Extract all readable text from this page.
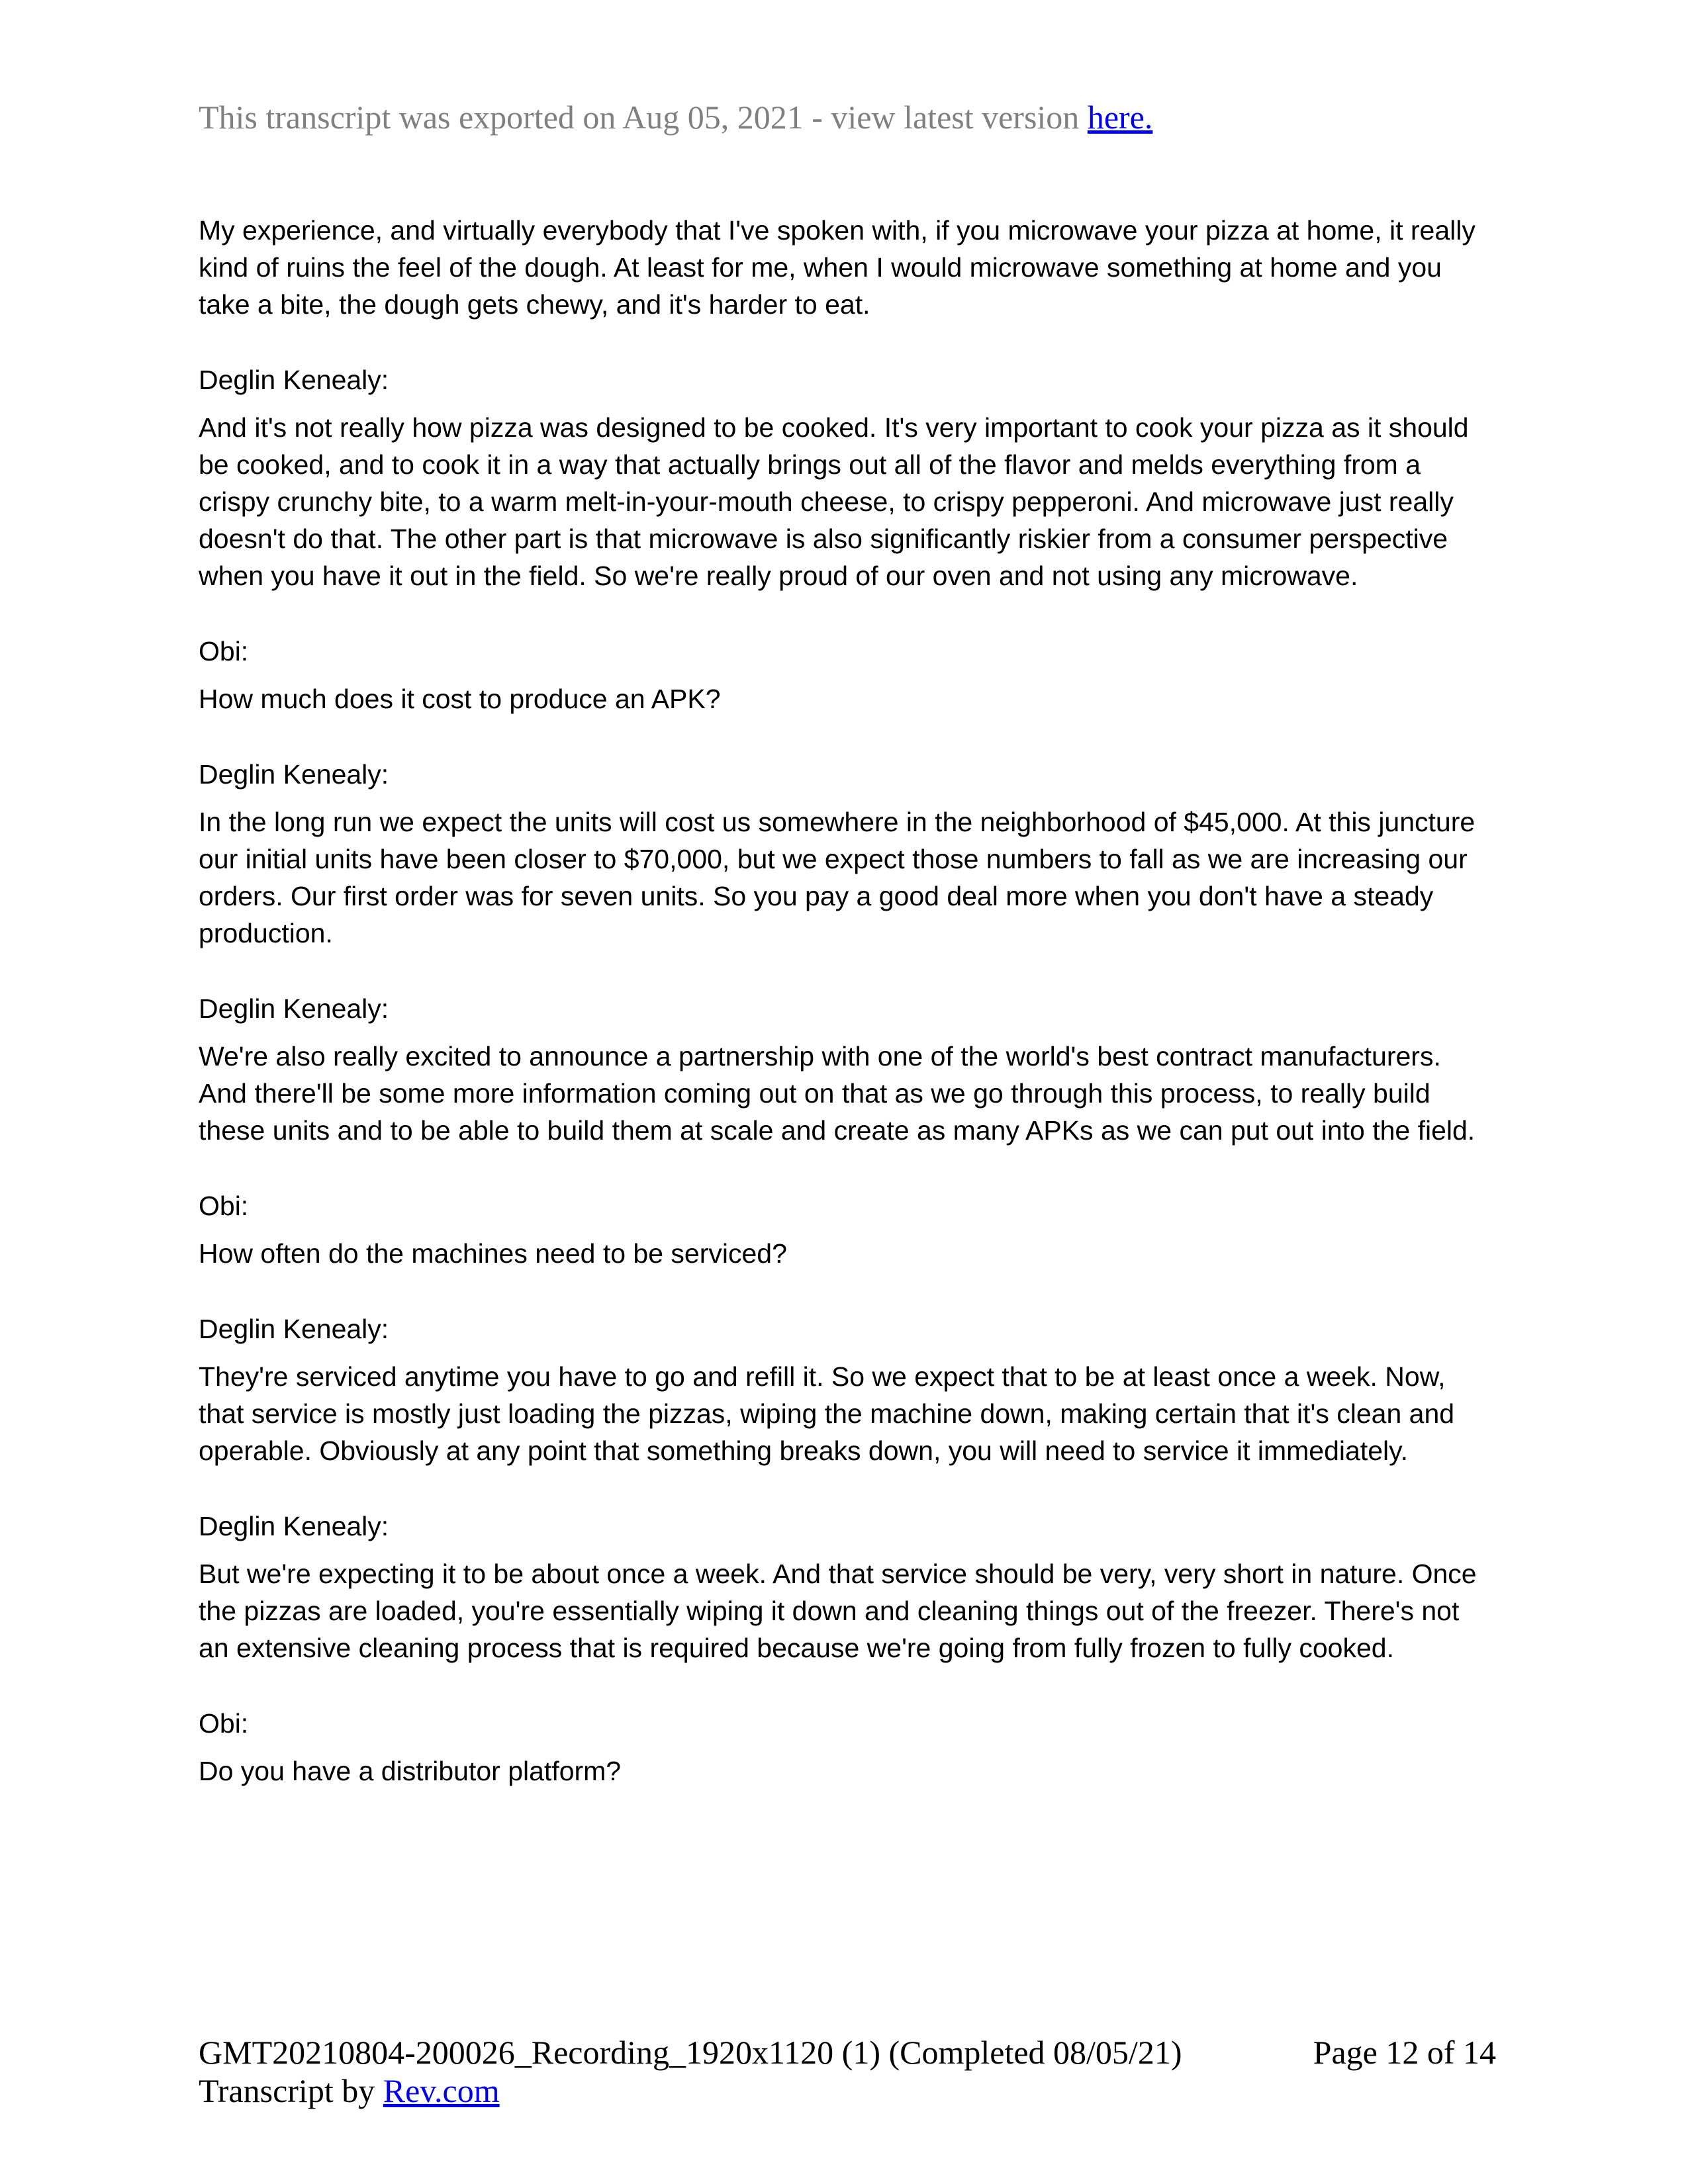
This transcript was exported on Aug 05, 2021 - view latest version here.

My experience, and virtually everybody that I've spoken with, if you microwave your pizza at home, it really kind of ruins the feel of the dough. At least for me, when I would microwave something at home and you take a bite, the dough gets chewy, and it's harder to eat.

Deglin Kenealy:

And it's not really how pizza was designed to be cooked. It's very important to cook your pizza as it should be cooked, and to cook it in a way that actually brings out all of the flavor and melds everything from a crispy crunchy bite, to a warm melt-in-your-mouth cheese, to crispy pepperoni. And microwave just really doesn't do that. The other part is that microwave is also significantly riskier from a consumer perspective when you have it out in the field. So we're really proud of our oven and not using any microwave.

Obi:

How much does it cost to produce an APK?

Deglin Kenealy:

In the long run we expect the units will cost us somewhere in the neighborhood of $45,000. At this juncture our initial units have been closer to $70,000, but we expect those numbers to fall as we are increasing our orders. Our first order was for seven units. So you pay a good deal more when you don't have a steady production.

Deglin Kenealy:

We're also really excited to announce a partnership with one of the world's best contract manufacturers. And there'll be some more information coming out on that as we go through this process, to really build these units and to be able to build them at scale and create as many APKs as we can put out into the field.

Obi:

How often do the machines need to be serviced?

Deglin Kenealy:

They're serviced anytime you have to go and refill it. So we expect that to be at least once a week. Now, that service is mostly just loading the pizzas, wiping the machine down, making certain that it's clean and operable. Obviously at any point that something breaks down, you will need to service it immediately.

Deglin Kenealy:

But we're expecting it to be about once a week. And that service should be very, very short in nature. Once the pizzas are loaded, you're essentially wiping it down and cleaning things out of the freezer. There's not an extensive cleaning process that is required because we're going from fully frozen to fully cooked.

Obi:

Do you have a distributor platform?

GMT20210804-200026_Recording_1920x1120 (1) (Completed 08/05/21)	Page 12 of 14
Transcript by Rev.com
